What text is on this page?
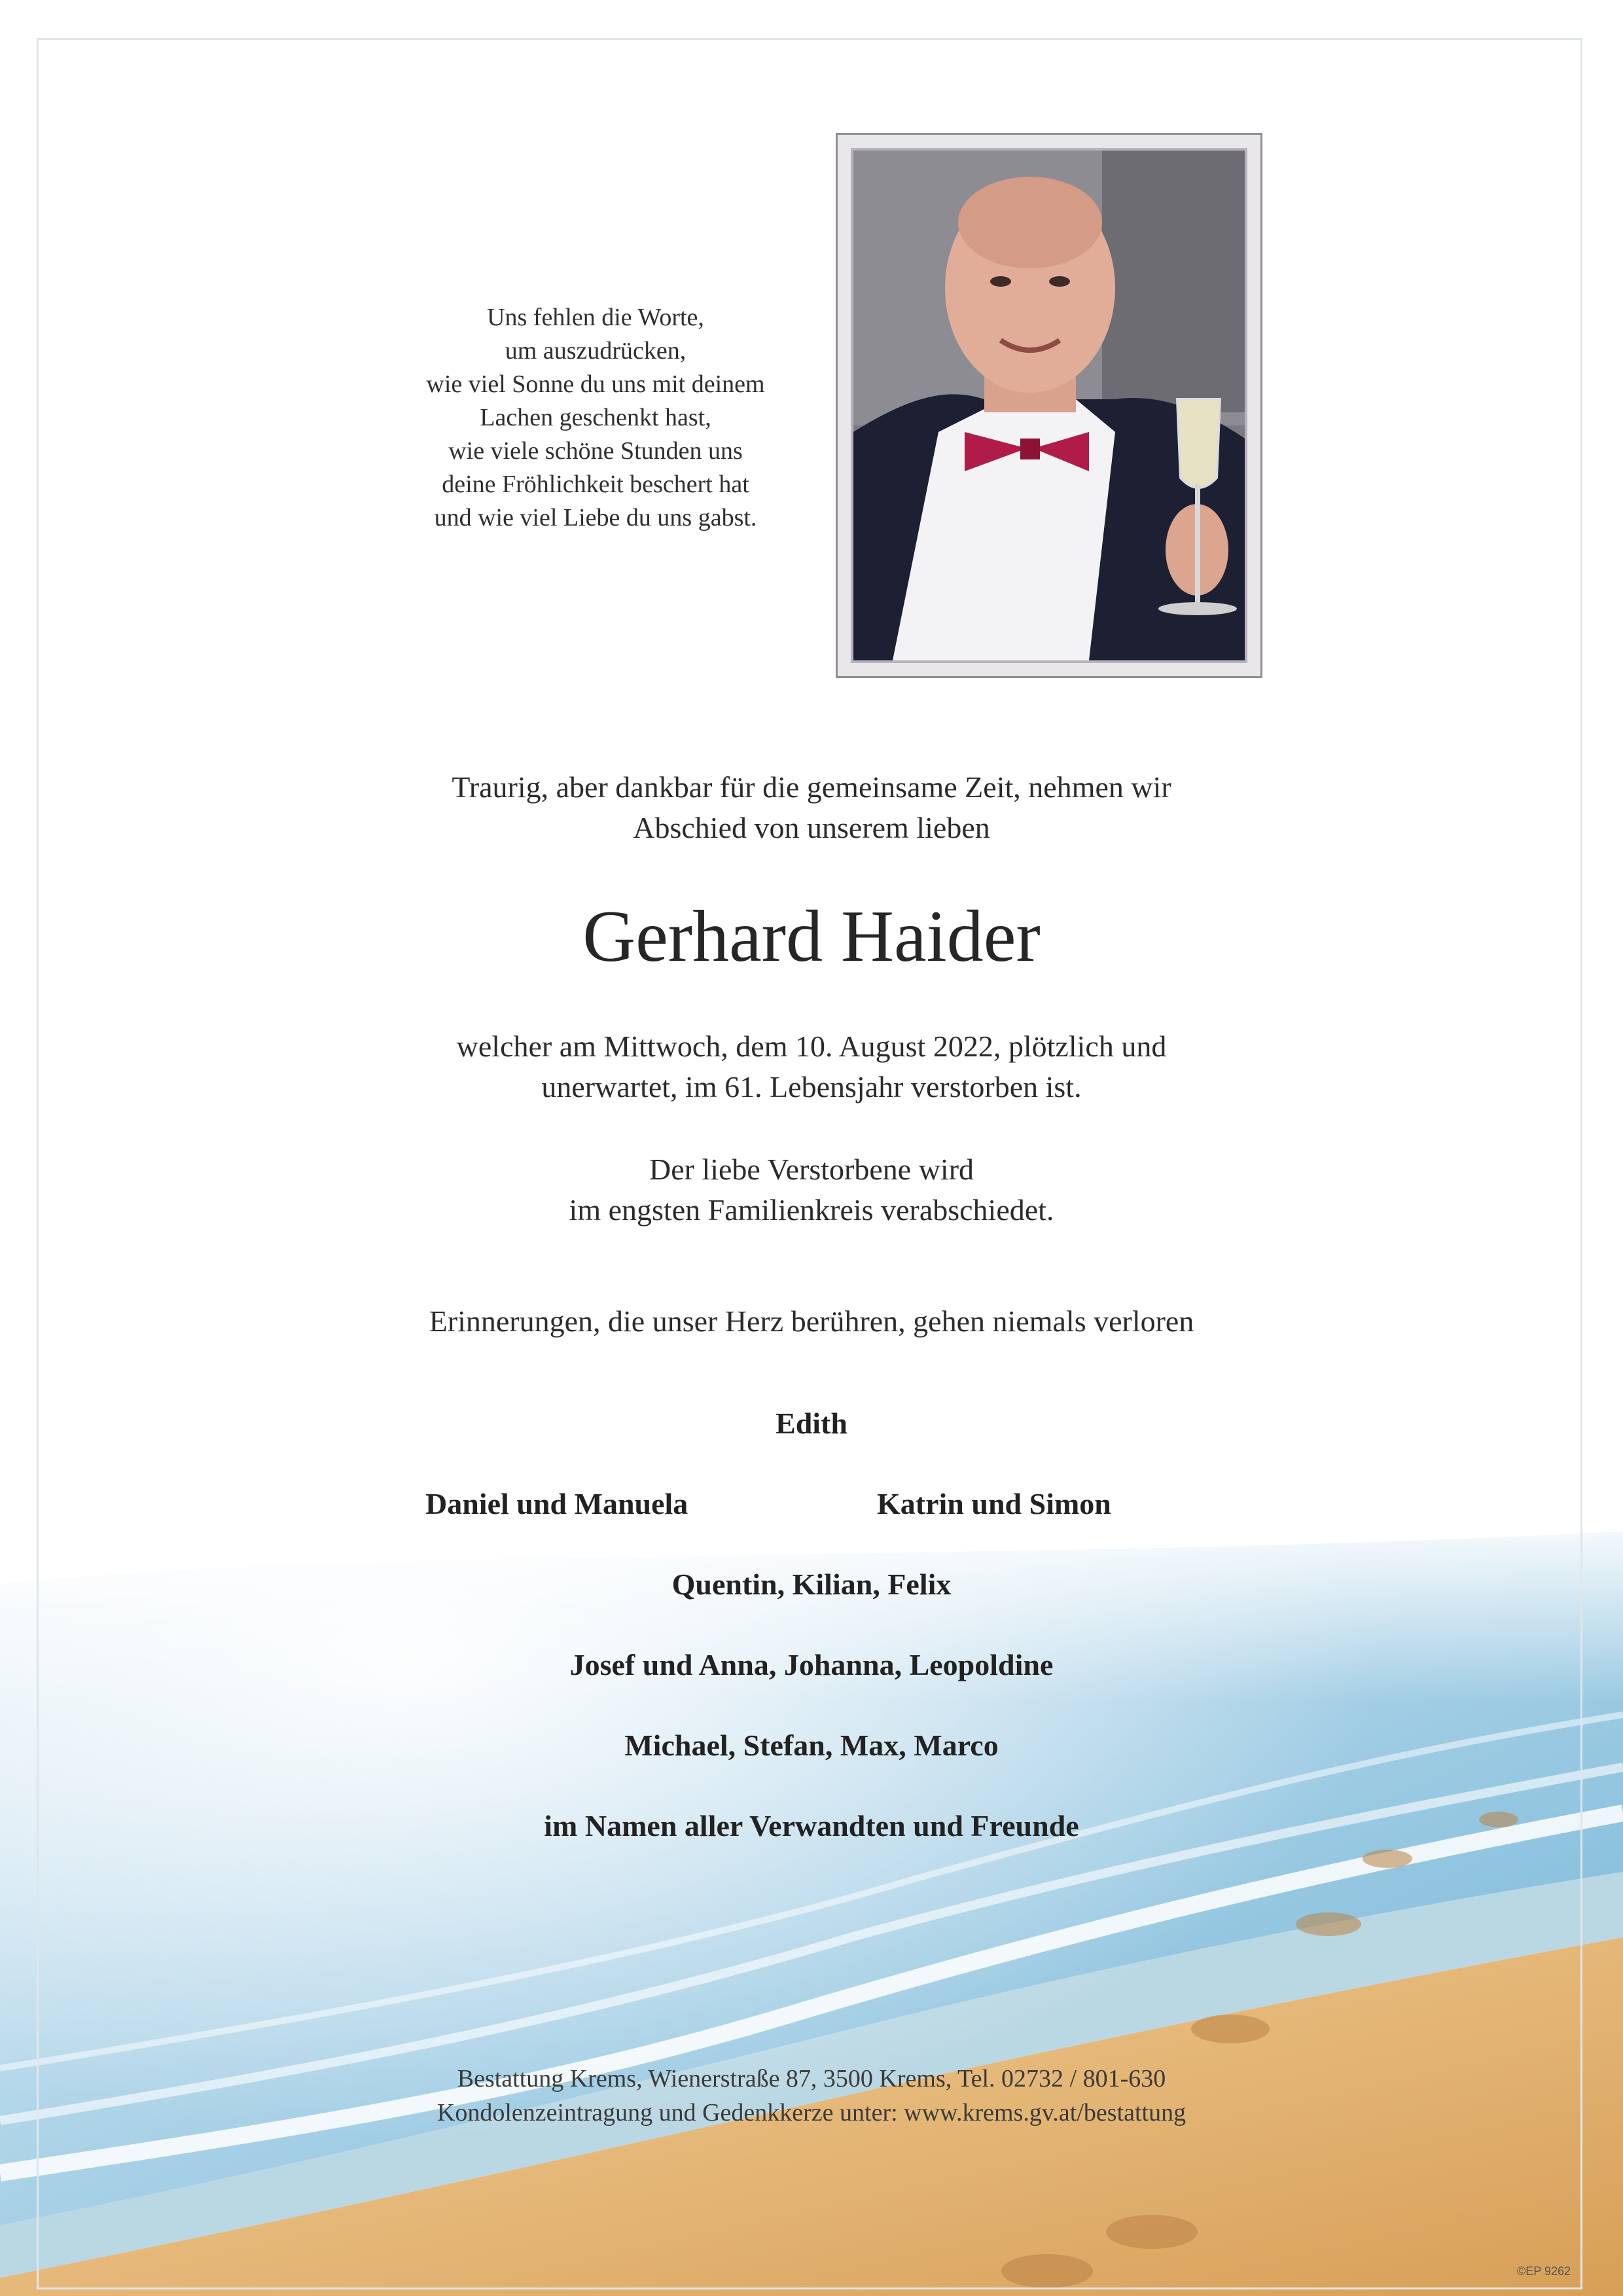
Uns fehlen die Worte,
um auszudrücken,
wie viel Sonne du uns mit deinem
Lachen geschenkt hast,
wie viele schöne Stunden uns
deine Fröhlichkeit beschert hat
und wie viel Liebe du uns gabst.
Traurig, aber dankbar für die gemeinsame Zeit, nehmen wir
Abschied von unserem lieben
Gerhard Haider
welcher am Mittwoch, dem 10. August 2022, plötzlich und
unerwartet, im 61. Lebensjahr verstorben ist.
Der liebe Verstorbene wird
im engsten Familienkreis verabschiedet.
Erinnerungen, die unser Herz berühren, gehen niemals verloren
Edith
Daniel und Manuela	Katrin und Simon
Quentin, Kilian, Felix
Josef und Anna, Johanna, Leopoldine
Michael, Stefan, Max, Marco
im Namen aller Verwandten und Freunde
Bestattung Krems, Wienerstraße 87, 3500 Krems, Tel. 02732 / 801-630
Kondolenzeintragung und Gedenkkerze unter: www.krems.gv.at/bestattung
©EP 9262
